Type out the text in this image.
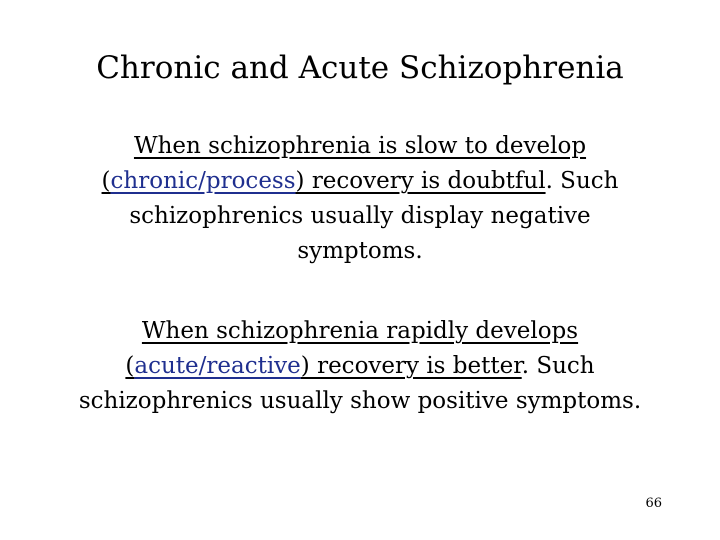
Chronic and Acute Schizophrenia
When schizophrenia is slow to develop
(chronic/process) recovery is doubtful. Such
schizophrenics usually display negative
symptoms.
When schizophrenia rapidly develops
(acute/reactive) recovery is better. Such
schizophrenics usually show positive symptoms.
66
